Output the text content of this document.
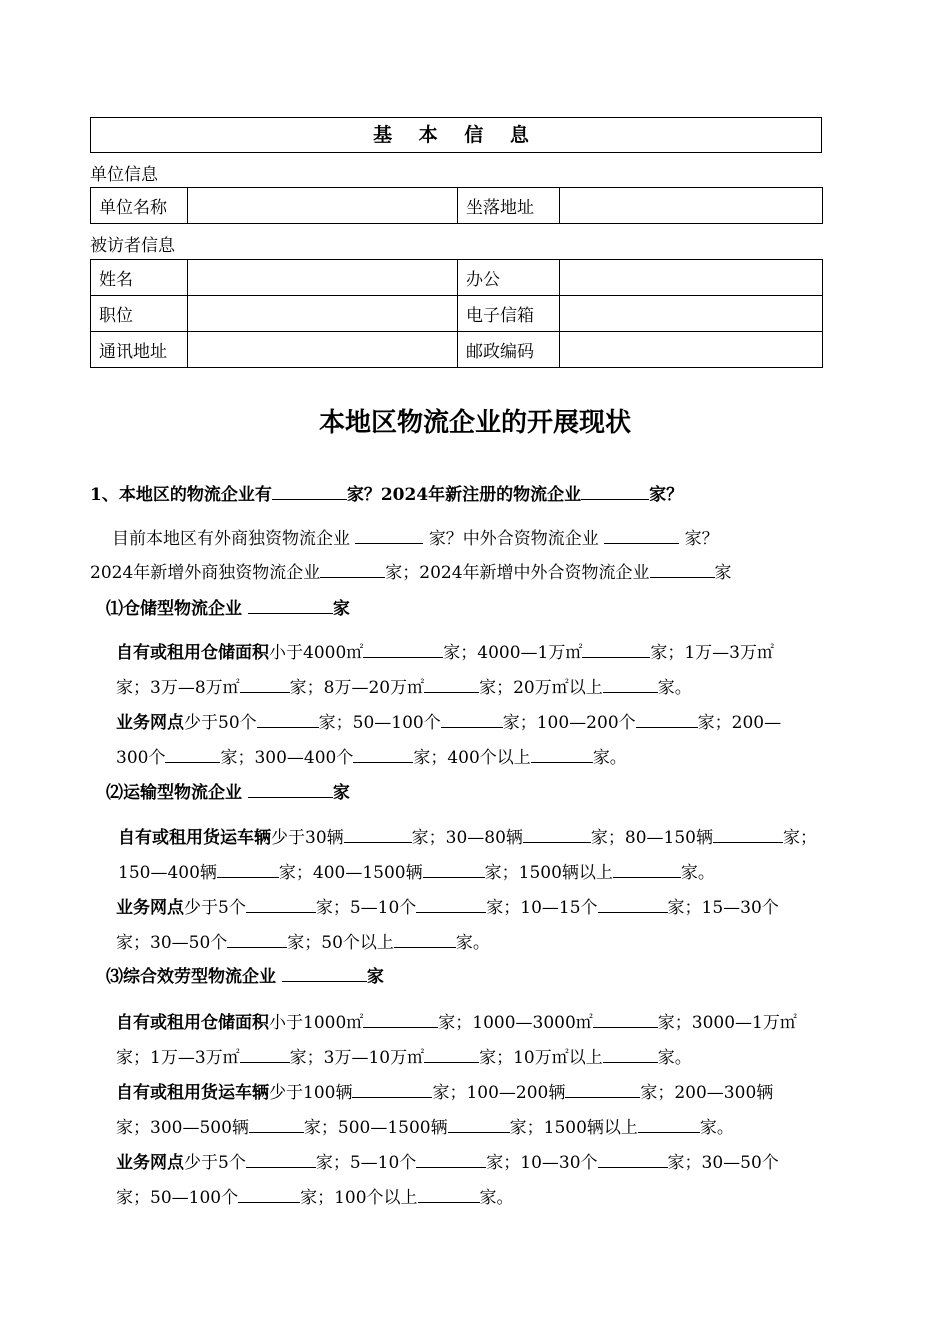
基 本 信 息
单位信息
单位名称		坐落地址	
被访者信息
姓名		办公	
职位		电子信箱	
通讯地址		邮政编码	
本地区物流企业的开展现状
1、本地区的物流企业有	家？2024年新注册的物流企业	家？
目前本地区有外商独资物流企业	家？中外合资物流企业	家？
2024年新增外商独资物流企业	家；2024年新增中外合资物流企业	家
⑴仓储型物流企业	家
自有或租用仓储面积小于4000㎡	家；4000—1万㎡	家；1万—3万㎡
家；3万—8万㎡	家；8万—20万㎡	家；20万㎡以上	家。
业务网点少于50个	家；50—100个	家；100—200个	家；200—
300个	家；300—400个	家；400个以上	家。
⑵运输型物流企业	家
自有或租用货运车辆少于30辆	家；30—80辆	家；80—150辆	家；
150—400辆	家；400—1500辆	家；1500辆以上	家。
业务网点少于5个	家；5—10个	家；10—15个	家；15—30个
家；30—50个	家；50个以上	家。
⑶综合效劳型物流企业	家
自有或租用仓储面积小于1000㎡	家；1000—3000㎡	家；3000—1万㎡
家；1万—3万㎡	家；3万—10万㎡	家；10万㎡以上	家。
自有或租用货运车辆少于100辆	家；100—200辆	家；200—300辆
家；300—500辆	家；500—1500辆	家；1500辆以上	家。
业务网点少于5个	家；5—10个	家；10—30个	家；30—50个
家；50—100个	家；100个以上	家。
